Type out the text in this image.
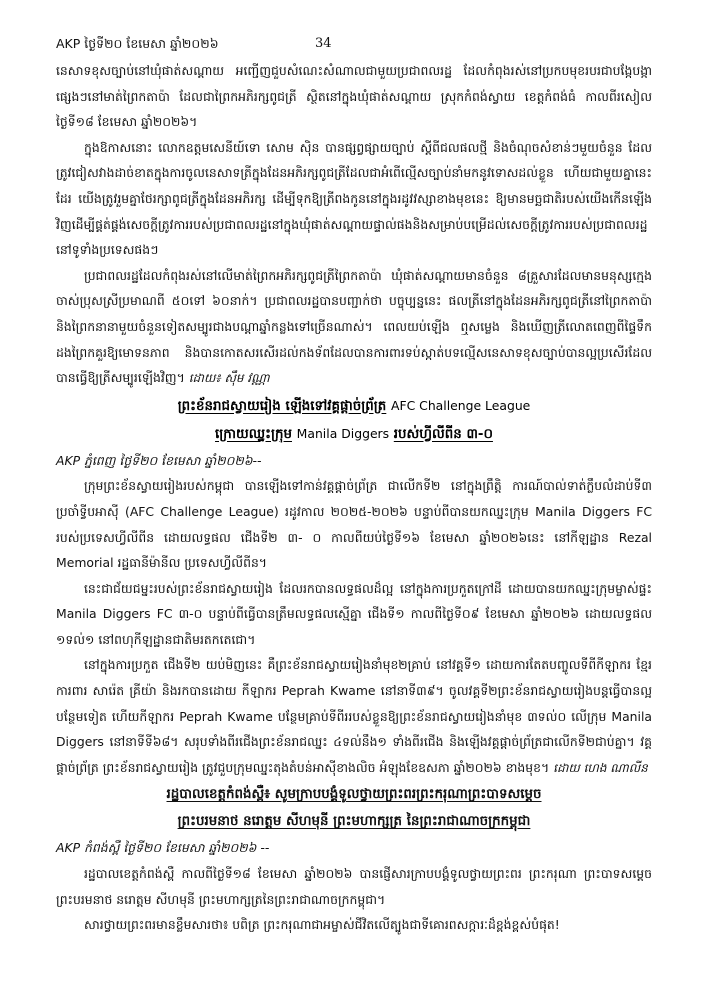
AKP ថ្ងៃទី២០ ខែមេសា ឆ្នាំ២០២៦	34

នេសាទខុសច្បាប់នៅឃុំផាត់សណ្ដាយ អញ្ជើញជួបសំណេះសំណាលជាមួយប្រជាពលរដ្ឋ ដែលកំពុងរស់នៅប្រកបមុខរបរជាបង្កែបង្កាផ្សេងៗនៅមាត់ព្រៃកតាប៉ា ដែលជាព្រៃកអភិរក្សពូជត្រី ស្ថិតនៅក្នុងឃុំផាត់សណ្ដាយ ស្រុកកំពង់ស្វាយ ខេត្តកំពង់ធំ កាលពីរសៀលថ្ងៃទី១៨ ខែមេសា ឆ្នាំ២០២៦។

ក្នុងឱកាសនោះ លោកឧត្តមសេនីយ៍ទោ សោម ស៊ិន បានផ្សព្វផ្សាយច្បាប់ ស្ដីពីជលផលថ្មី និងចំណុចសំខាន់ៗមួយចំនួន ដែលត្រូវជៀសវាងដាច់ខាតក្នុងការចូលនេសាទត្រីក្នុងដែនអភិរក្សពូជត្រីដែលជាអំពើល្មើសច្បាប់នាំមកនូវទោសដល់ខ្លួន ហើយជាមួយគ្នានេះដែរ យើងត្រូវរួមគ្នាថែរក្សាពូជត្រីក្នុងដែនអភិរក្ស ដើម្បីទុកឱ្យត្រីពងកូននៅក្នុងរដូវវស្សាខាងមុខនេះ ឱ្យមានមច្ឆជាតិរបស់យើងកើនឡើងវិញដើម្បីផ្គត់ផ្គង់សេចក្ដីត្រូវការរបស់ប្រជាពលរដ្ឋនៅក្នុងឃុំផាត់សណ្ដាយផ្ទាល់ផងនិងសម្រាប់បម្រើដល់សេចក្ដីត្រូវការរបស់ប្រជាពលរដ្ឋនៅទូទាំងប្រទេសផងៗ

ប្រជាពលរដ្ឋដែលកំពុងរស់នៅលើមាត់ព្រៃកអភិរក្សពូជត្រីព្រៃកតាប៉ា ឃុំផាត់សណ្ដាយមានចំនួន ៨គ្រួសារដែលមានមនុស្សក្មេងចាស់ប្រុសស្រីប្រមាណពី ៥០ទៅ ៦០នាក់។ ប្រជាពលរដ្ឋបានបញ្ជាក់ថា បច្ចុប្បន្ននេះ ផលត្រីនៅក្នុងដែនអភិរក្សពូជត្រីនៅព្រៃកតាប៉ា និងព្រៃកនានាមួយចំនួនទៀតសម្បូរជាងបណ្ដាឆ្នាំកន្លងទៅច្រើនណាស់។ ពេលយប់ឡើង ឮសម្លេង និងឃើញត្រីលោតពេញពីផ្ទៃទឹកដងព្រៃកគួរឱ្យមោទនភាព និងបានកោតសរសើរដល់កងទ័ពដែលបានការពារទប់ស្កាត់បទល្មើសនេសាទខុសច្បាប់បានល្អប្រសើរដែលបានធ្វើឱ្យត្រីសម្បូរឡើងវិញ។ ដោយ៖ ស៊ឹម វណ្ណា

ព្រះខ័នរាជស្វាយរៀង ឡើងទៅវគ្គផ្ដាច់ព្រ័ត្រ AFC Challenge League
ក្រោយឈ្នះក្រុម Manila Diggers របស់ហ្វីលីពីន ៣-០
AKP ភ្នំពេញ ថ្ងៃទី២០ ខែមេសា ឆ្នាំ២០២៦--

ក្រុមព្រះខ័នស្វាយរៀងរបស់កម្ពុជា បានឡើងទៅកាន់វគ្គផ្ដាច់ព្រ័ត្រ ជាលើកទី២ នៅក្នុងព្រឹត្តិ ការណ៍បាល់ទាត់ក្លឹបលំដាប់ទី៣ ប្រចាំទ្វីបអាស៊ី (AFC Challenge League) រដូវកាល ២០២៥-២០២៦ បន្ទាប់ពីបានយកឈ្នះក្រុម Manila Diggers FC របស់ប្រទេសហ្វីលីពីន ដោយលទ្ធផល ជើងទី២ ៣- ០ កាលពីយប់ថ្ងៃទី១៦ ខែមេសា ឆ្នាំ២០២៦នេះ នៅកីឡដ្ឋាន Rezal Memorial រដ្ឋធានីម៉ានីល ប្រទេសហ្វីលីពីន។

នេះជាជ័យជម្នះរបស់ព្រះខ័នរាជស្វាយរៀង ដែលរកបានលទ្ធផលដ៏ល្អ នៅក្នុងការប្រកួតក្រៅដី ដោយបានយកឈ្នះក្រុមម្ចាស់ផ្ទះ Manila Diggers FC ៣-០ បន្ទាប់ពីធ្វើបានត្រឹមលទ្ធផលស្មើគ្នា ជើងទី១ កាលពីថ្ងៃទី០៩ ខែមេសា ឆ្នាំ២០២៦ ដោយលទ្ធផល ១ទល់១ នៅពហុកីឡដ្ឋានជាតិមរតកតេជោ។

នៅក្នុងការប្រកួត ជើងទី២ យប់មិញនេះ គឺព្រះខ័នរាជស្វាយរៀងនាំមុខ២គ្រាប់ នៅវគ្គទី១ ដោយការតែតបញ្ចូលទីពីកីឡាករ ខ្មែរការពារ សារ៉េត គ្រីយ៉ា និងរកបានដោយ កីឡាករ Peprah Kwame នៅនាទី៣៩។ ចូលវគ្គទី២ព្រះខ័នរាជស្វាយរៀងបន្តធ្វើបានល្អបន្ថែមទៀត ហើយកីឡាករ Peprah Kwame បន្ថែមគ្រាប់ទីពីររបស់ខ្លួនឱ្យព្រះខ័នរាជស្វាយរៀងនាំមុខ ៣ទល់០ លើក្រុម Manila Diggers នៅនាទីទី៦៨។ សរុបទាំងពីរជើងព្រះខ័នរាជឈ្នះ ៤ទល់នឹង១ ទាំងពីរជើង និងឡើងវគ្គផ្ដាច់ព្រ័ត្រជាលើកទី២ជាប់គ្នា។ វគ្គផ្ដាច់ព្រ័ត្រ ព្រះខ័នរាជស្វាយរៀង ត្រូវជួបក្រុមឈ្នះតុងតំបន់អាស៊ីខាងលិច អំឡុងខែឧសភា ឆ្នាំ២០២៦ ខាងមុខ។ ដោយ ហេង ណាលីន

រដ្ឋបាលខេត្តកំពង់ស្ពឺ៖ សូមក្រាបបង្គំទូលថ្វាយព្រះពរព្រះករុណាព្រះបាទសម្ដេច
ព្រះបរមនាថ នរោត្តម សីហមុនី ព្រះមហាក្សត្រ នៃព្រះរាជាណាចក្រកម្ពុជា
AKP កំពង់ស្ពឺ ថ្ងៃទី២០ ខែមេសា ឆ្នាំ២០២៦ --

រដ្ឋបាលខេត្តកំពង់ស្ពឺ កាលពីថ្ងៃទី១៨ ខែមេសា ឆ្នាំ២០២៦ បានផ្ញើសារក្រាបបង្គំទូលថ្វាយព្រះពរ ព្រះករុណា ព្រះបាទសម្ដេច ព្រះបរមនាថ នរោត្តម សីហមុនី ព្រះមហាក្សត្រនៃព្រះរាជាណាចក្រកម្ពុជា។

សារថ្វាយព្រះពរមានខ្លឹមសារថា៖ បពិត្រ ព្រះករុណាជាអម្ចាស់ជីវិតលើត្បូងជាទីគោរពសក្ការៈដ៏ខ្ពង់ខ្ពស់បំផុត!
